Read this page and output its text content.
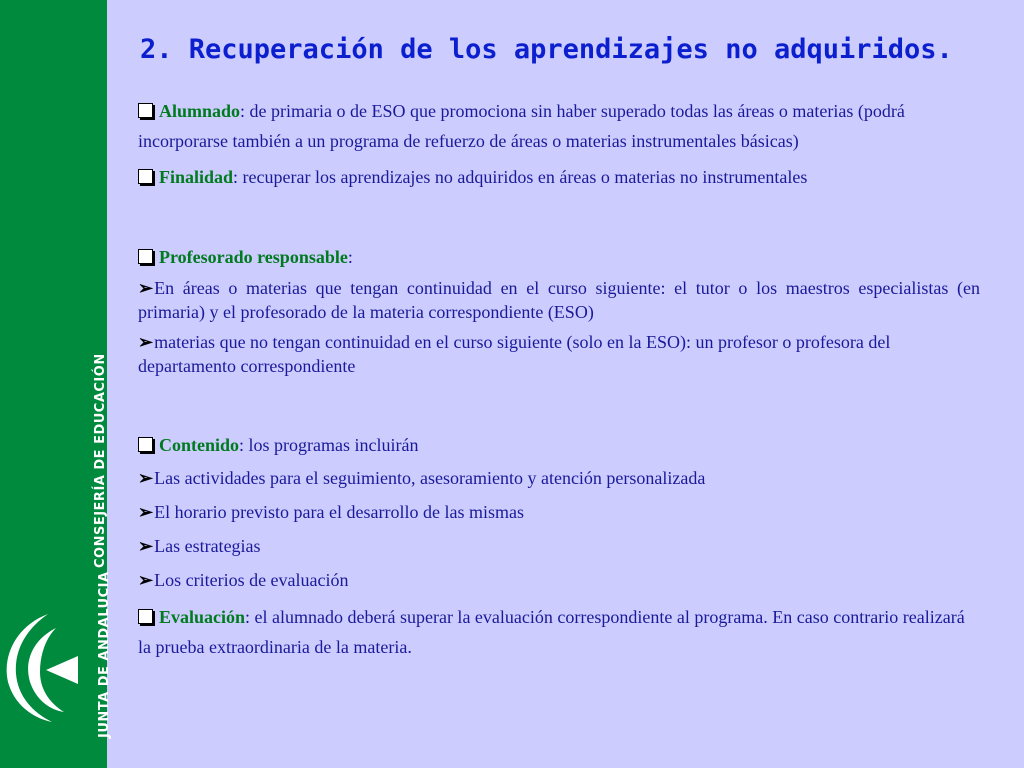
CONSEJERÍA DE EDUCACIÓN
JUNTA DE ANDALUCIA
2. Recuperación de los aprendizajes no adquiridos.

Alumnado: de primaria o de ESO que promociona sin haber superado todas las áreas o materias (podrá incorporarse también a un programa de refuerzo de áreas o materias instrumentales básicas)

Finalidad: recuperar los aprendizajes no adquiridos en áreas o materias no instrumentales

Profesorado responsable:

➢En áreas o materias que tengan continuidad en el curso siguiente: el tutor o los maestros especialistas (en primaria) y el profesorado de la materia correspondiente (ESO)

➢materias que no tengan continuidad en el curso siguiente (solo en la ESO): un profesor o profesora del departamento correspondiente

Contenido: los programas incluirán

➢Las actividades para el seguimiento, asesoramiento y atención personalizada

➢El horario previsto para el desarrollo de las mismas

➢Las estrategias

➢Los criterios de evaluación

Evaluación: el alumnado deberá superar la evaluación correspondiente al programa. En caso contrario realizará la prueba extraordinaria de la materia.
